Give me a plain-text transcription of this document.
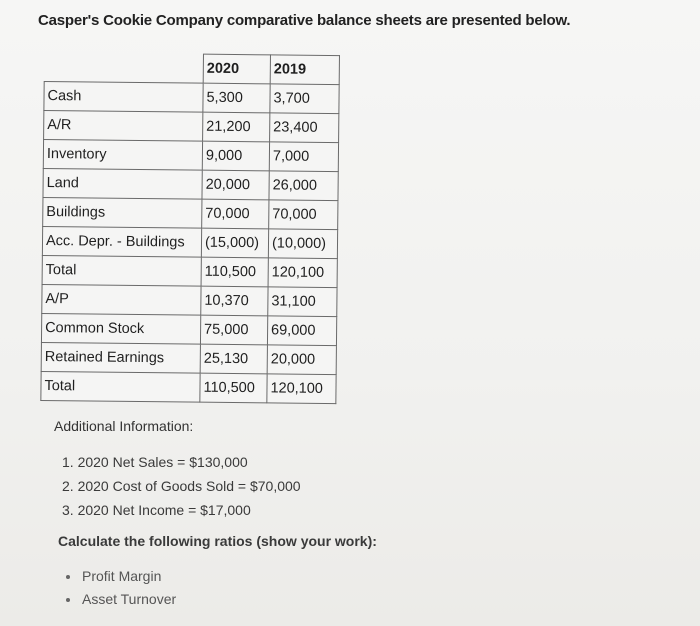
Casper's Cookie Company comparative balance sheets are presented below.
	2020	2019
Cash	5,300	3,700
A/R	21,200	23,400
Inventory	9,000	7,000
Land	20,000	26,000
Buildings	70,000	70,000
Acc. Depr. - Buildings	(15,000)	(10,000)
Total	110,500	120,100
A/P	10,370	31,100
Common Stock	75,000	69,000
Retained Earnings	25,130	20,000
Total	110,500	120,100
Additional Information:
1. 2020 Net Sales = $130,000
2. 2020 Cost of Goods Sold = $70,000
3. 2020 Net Income = $17,000
Calculate the following ratios (show your work):
Profit Margin
Asset Turnover
